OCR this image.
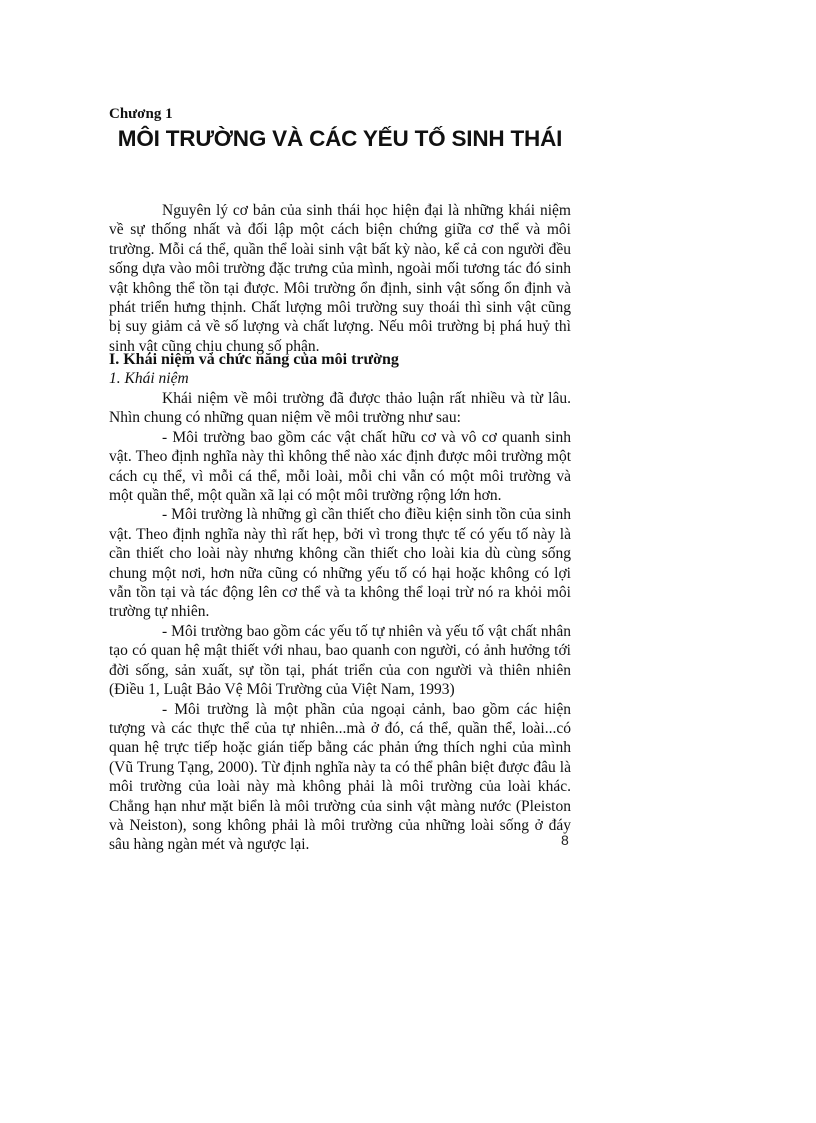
Chương 1
MÔI TRƯỜNG VÀ CÁC YẾU TỐ SINH THÁI

Nguyên lý cơ bản của sinh thái học hiện đại là những khái niệm về sự thống nhất và đối lập một cách biện chứng giữa cơ thể và môi trường. Mỗi cá thể, quần thể loài sinh vật bất kỳ nào, kể cả con người đều sống dựa vào môi trường đặc trưng của mình, ngoài mối tương tác đó sinh vật không thể tồn tại được. Môi trường ổn định, sinh vật sống ổn định và phát triển hưng thịnh. Chất lượng môi trường suy thoái thì sinh vật cũng bị suy giảm cả về số lượng và chất lượng. Nếu môi trường bị phá huỷ thì sinh vật cũng chịu chung số phận.

I. Khái niệm và chức năng của môi trường
1. Khái niệm

Khái niệm về môi trường đã được thảo luận rất nhiều và từ lâu. Nhìn chung có những quan niệm về môi trường như sau:

- Môi trường bao gồm các vật chất hữu cơ và vô cơ quanh sinh vật. Theo định nghĩa này thì không thể nào xác định được môi trường một cách cụ thể, vì mỗi cá thể, mỗi loài, mỗi chi vẫn có một môi trường và một quần thể, một quần xã lại có một môi trường rộng lớn hơn.

- Môi trường là những gì cần thiết cho điều kiện sinh tồn của sinh vật. Theo định nghĩa này thì rất hẹp, bởi vì trong thực tế có yếu tố này là cần thiết cho loài này nhưng không cần thiết cho loài kia dù cùng sống chung một nơi, hơn nữa cũng có những yếu tố có hại hoặc không có lợi vẫn tồn tại và tác động lên cơ thể và ta không thể loại trừ nó ra khỏi môi trường tự nhiên.

- Môi trường bao gồm các yếu tố tự nhiên và yếu tố vật chất nhân tạo có quan hệ mật thiết với nhau, bao quanh con người, có ảnh hưởng tới đời sống, sản xuất, sự tồn tại, phát triển của con người và thiên nhiên (Điều 1, Luật Bảo Vệ Môi Trường của Việt Nam, 1993)

- Môi trường là một phần của ngoại cảnh, bao gồm các hiện tượng và các thực thể của tự nhiên...mà ở đó, cá thể, quần thể, loài...có quan hệ trực tiếp hoặc gián tiếp bằng các phản ứng thích nghi của mình (Vũ Trung Tạng, 2000). Từ định nghĩa này ta có thể phân biệt được đâu là môi trường của loài này mà không phải là môi trường của loài khác. Chẳng hạn như mặt biển là môi trường của sinh vật màng nước (Pleiston và Neiston), song không phải là môi trường của những loài sống ở đáy sâu hàng ngàn mét và ngược lại.	8
